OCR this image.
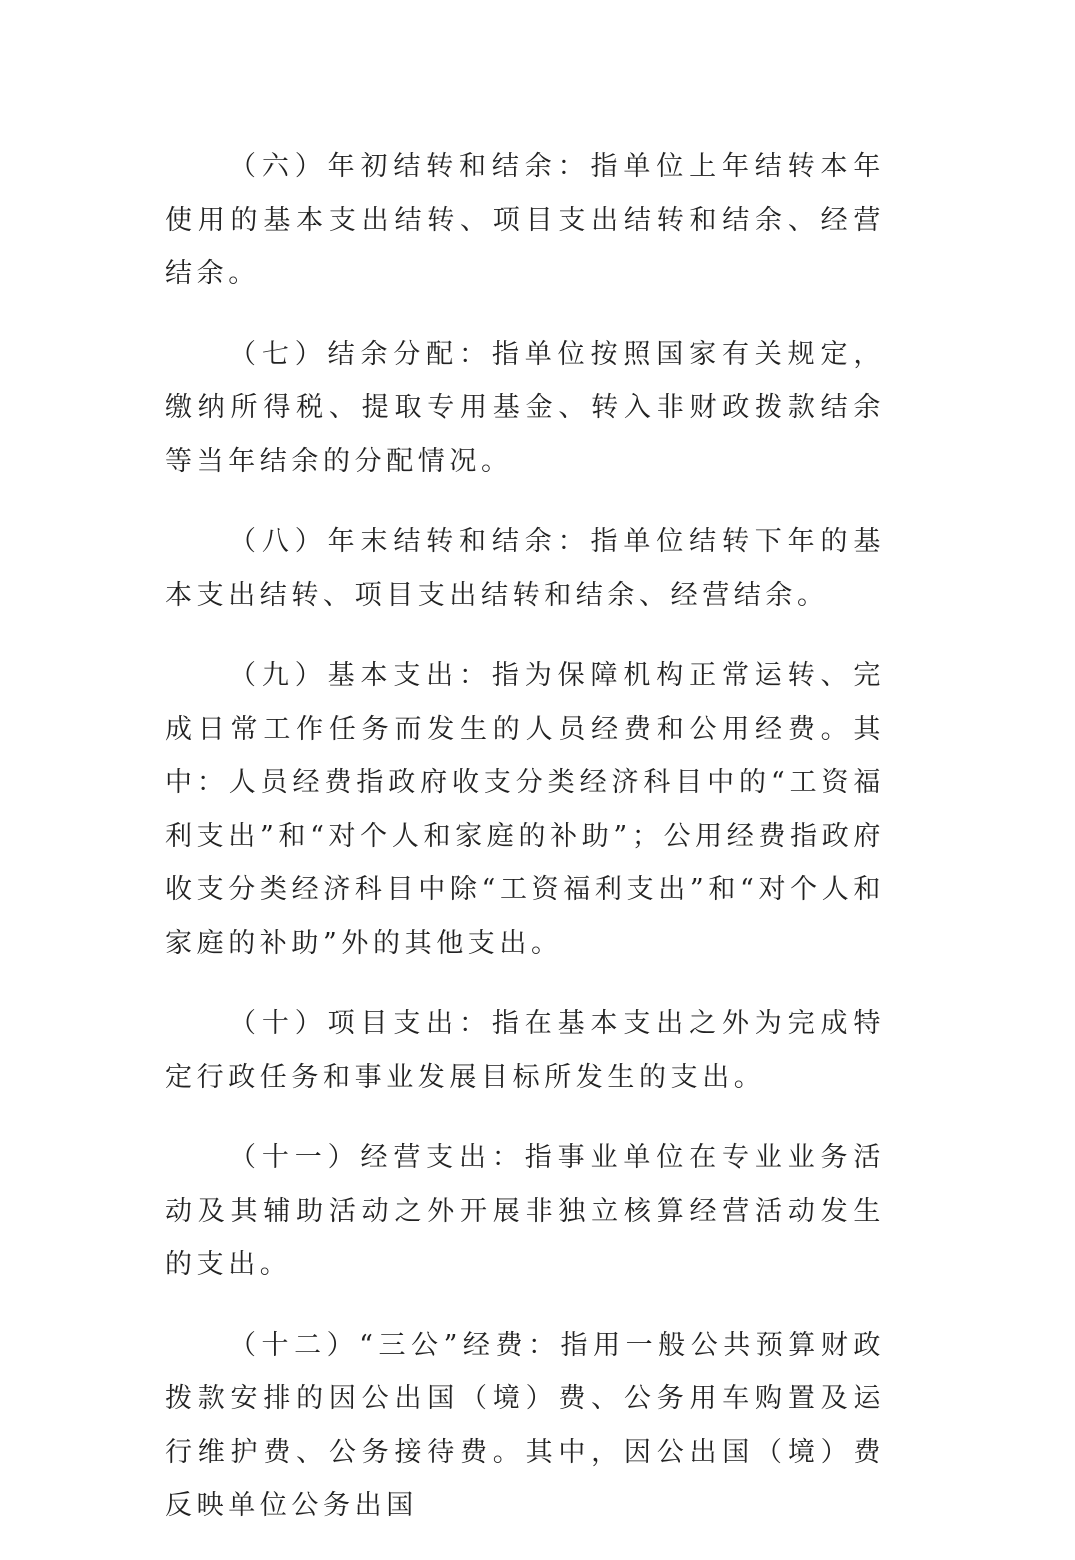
（六）年初结转和结余：指单位上年结转本年使用的基本支出结转、项目支出结转和结余、经营结余。

（七）结余分配：指单位按照国家有关规定，缴纳所得税、提取专用基金、转入非财政拨款结余等当年结余的分配情况。

（八）年末结转和结余：指单位结转下年的基本支出结转、项目支出结转和结余、经营结余。

（九）基本支出：指为保障机构正常运转、完成日常工作任务而发生的人员经费和公用经费。其中：人员经费指政府收支分类经济科目中的“工资福利支出”和“对个人和家庭的补助”；公用经费指政府收支分类经济科目中除“工资福利支出”和“对个人和家庭的补助”外的其他支出。

（十）项目支出：指在基本支出之外为完成特定行政任务和事业发展目标所发生的支出。

（十一）经营支出：指事业单位在专业业务活动及其辅助活动之外开展非独立核算经营活动发生的支出。

（十二）“三公”经费：指用一般公共预算财政拨款安排的因公出国（境）费、公务用车购置及运行维护费、公务接待费。其中，因公出国（境）费反映单位公务出国
